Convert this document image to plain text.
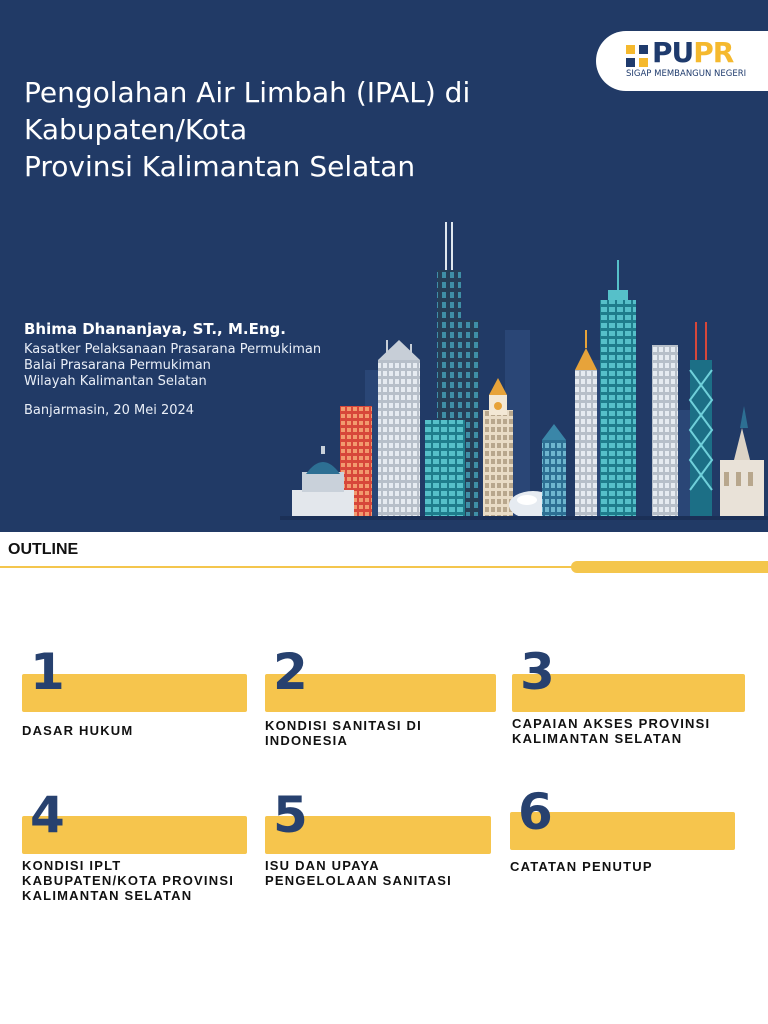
PUPR
SIGAP MEMBANGUN NEGERI
Pengolahan Air Limbah (IPAL) di
Kabupaten/Kota
Provinsi Kalimantan Selatan
Bhima Dhananjaya, ST., M.Eng.
Kasatker Pelaksanaan Prasarana Permukiman
Balai Prasarana Permukiman
Wilayah Kalimantan Selatan
Banjarmasin, 20 Mei 2024
OUTLINE
1
DASAR HUKUM
2
KONDISI SANITASI DI
INDONESIA
3
CAPAIAN AKSES PROVINSI
KALIMANTAN SELATAN
4
KONDISI IPLT
KABUPATEN/KOTA PROVINSI
KALIMANTAN SELATAN
5
ISU DAN UPAYA
PENGELOLAAN SANITASI
6
CATATAN PENUTUP
